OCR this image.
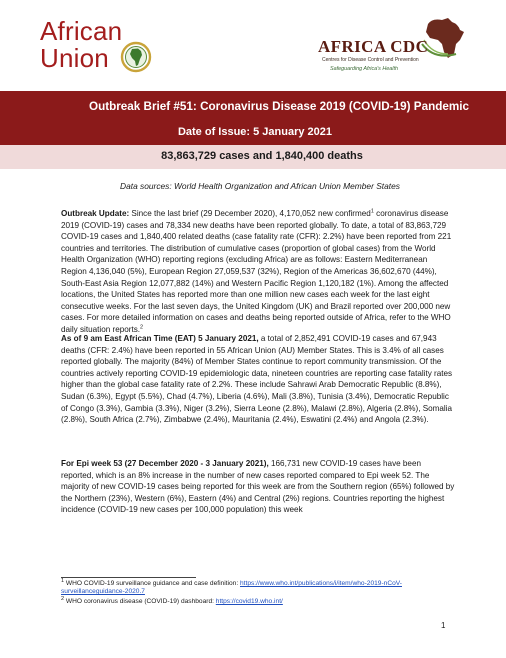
African
Union	AFRICA CDC
Centres for Disease Control and Prevention
Safeguarding Africa's Health
Outbreak Brief #51: Coronavirus Disease 2019 (COVID-19) Pandemic
Date of Issue: 5 January 2021
83,863,729 cases and 1,840,400 deaths
Data sources: World Health Organization and African Union Member States

Outbreak Update: Since the last brief (29 December 2020), 4,170,052 new confirmed$^1$ coronavirus disease 2019 (COVID-19) cases and 78,334 new deaths have been reported globally. To date, a total of 83,863,729 COVID-19 cases and 1,840,400 related deaths (case fatality rate (CFR): 2.2%) have been reported from 221 countries and territories. The distribution of cumulative cases (proportion of global cases) from the World Health Organization (WHO) reporting regions (excluding Africa) are as follows: Eastern Mediterranean Region 4,136,040 (5%), European Region 27,059,537 (32%), Region of the Americas 36,602,670 (44%), South-East Asia Region 12,077,882 (14%) and Western Pacific Region 1,120,182 (1%). Among the affected locations, the United States has reported more than one million new cases each week for the last eight consecutive weeks. For the last seven days, the United Kingdom (UK) and Brazil reported over 200,000 new cases. For more detailed information on cases and deaths being reported outside of Africa, refer to the WHO daily situation reports.$^2$

As of 9 am East African Time (EAT) 5 January 2021, a total of 2,852,491 COVID-19 cases and 67,943 deaths (CFR: 2.4%) have been reported in 55 African Union (AU) Member States. This is 3.4% of all cases reported globally. The majority (84%) of Member States continue to report community transmission. Of the countries actively reporting COVID-19 epidemiologic data, nineteen countries are reporting case fatality rates higher than the global case fatality rate of 2.2%. These include Sahrawi Arab Democratic Republic (8.8%), Sudan (6.3%), Egypt (5.5%), Chad (4.7%), Liberia (4.6%), Mali (3.8%), Tunisia (3.4%), Democratic Republic of Congo (3.3%), Gambia (3.3%), Niger (3.2%), Sierra Leone (2.8%), Malawi (2.8%), Algeria (2.8%), Somalia (2.8%), South Africa (2.7%), Zimbabwe (2.4%), Mauritania (2.4%), Eswatini (2.4%) and Angola (2.3%).

For Epi week 53 (27 December 2020 - 3 January 2021), 166,731 new COVID-19 cases have been reported, which is an 8% increase in the number of new cases reported compared to Epi week 52. The majority of new COVID-19 cases being reported for this week are from the Southern region (65%) followed by the Northern (23%), Western (6%), Eastern (4%) and Central (2%) regions. Countries reporting the highest incidence (COVID-19 new cases per 100,000 population) this week

$^1$ WHO COVID-19 surveillance guidance and case definition: https://www.who.int/publications/i/item/who-2019-nCoV-surveillanceguidance-2020.7

$^2$ WHO coronavirus disease (COVID-19) dashboard: https://covid19.who.int/

1
